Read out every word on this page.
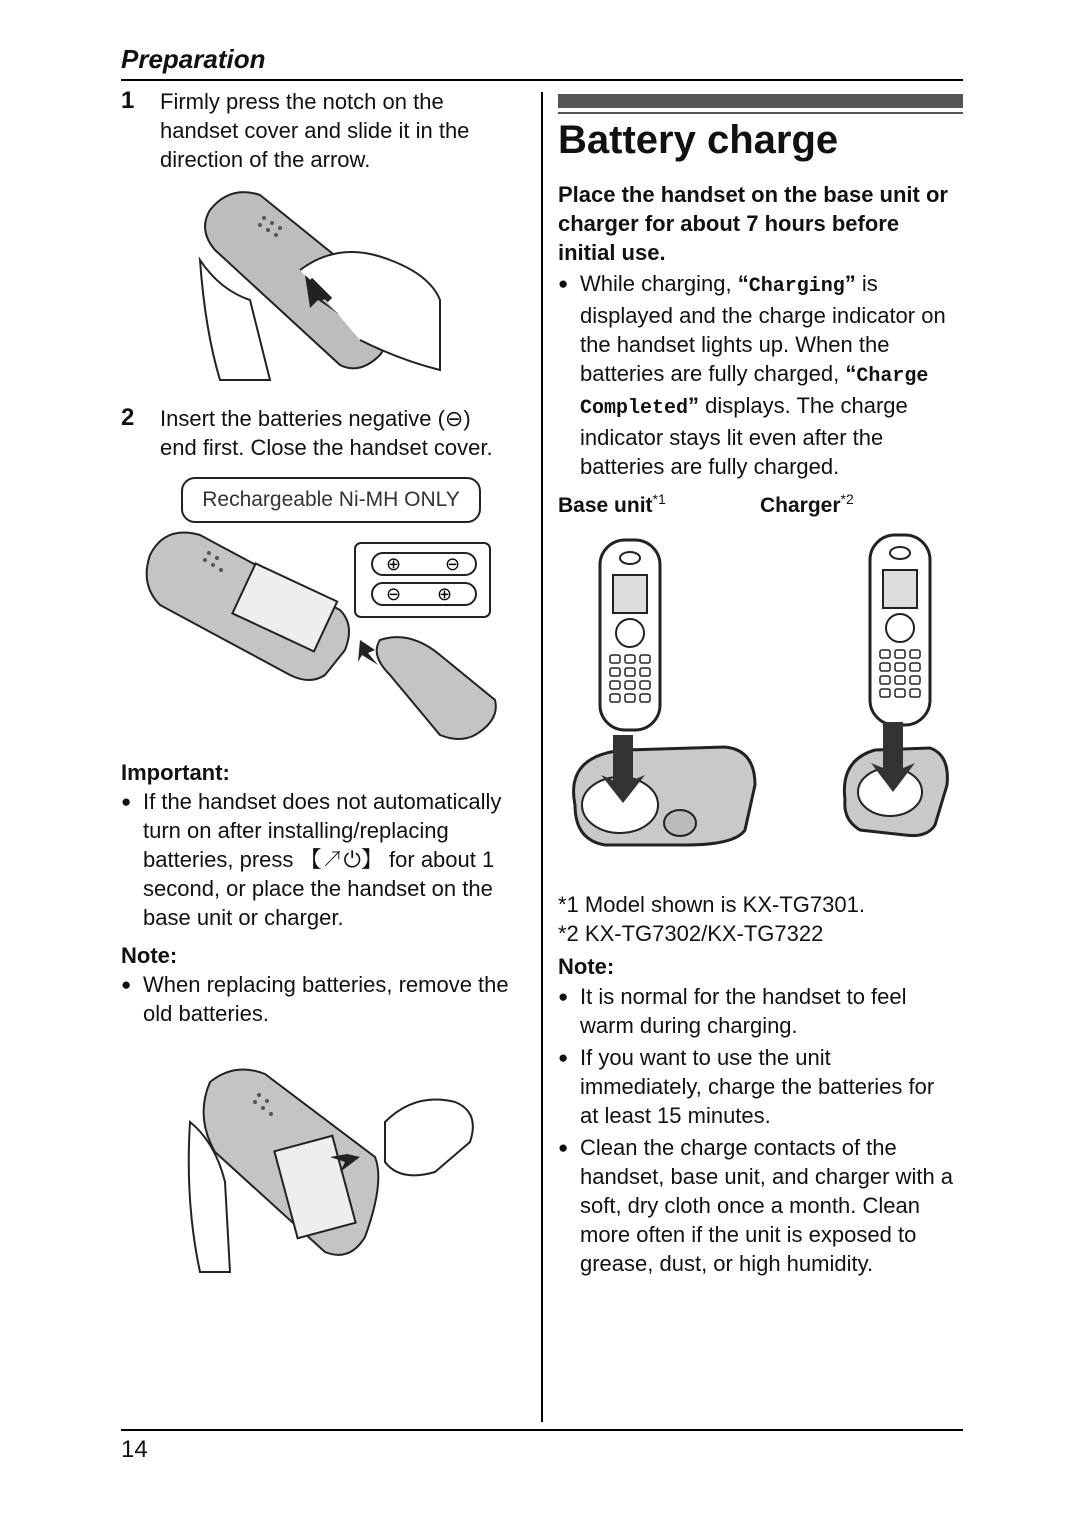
Preparation
14
1 Firmly press the notch on the
handset cover and slide it in the
direction of the arrow.
2 Insert the batteries negative (⊖)
end first. Close the handset cover.
Rechargeable Ni-MH ONLY
⊕ ⊖
⊖ ⊕
Important:
● If the handset does not automatically
turn on after installing/replacing
batteries, press 【↗⏻】 for about 1
second, or place the handset on the
base unit or charger.
Note:
● When replacing batteries, remove the
old batteries.
Battery charge
Place the handset on the base unit or
charger for about 7 hours before
initial use.
● While charging, “Charging” is
displayed and the charge indicator on
the handset lights up. When the
batteries are fully charged, “Charge
Completed” displays. The charge
indicator stays lit even after the
batteries are fully charged.
Base unit$^{*1}$	Charger$^{*2}$
*1 Model shown is KX-TG7301.
*2 KX-TG7302/KX-TG7322
Note:
● It is normal for the handset to feel
warm during charging.
● If you want to use the unit
immediately, charge the batteries for
at least 15 minutes.
● Clean the charge contacts of the
handset, base unit, and charger with a
soft, dry cloth once a month. Clean
more often if the unit is exposed to
grease, dust, or high humidity.
